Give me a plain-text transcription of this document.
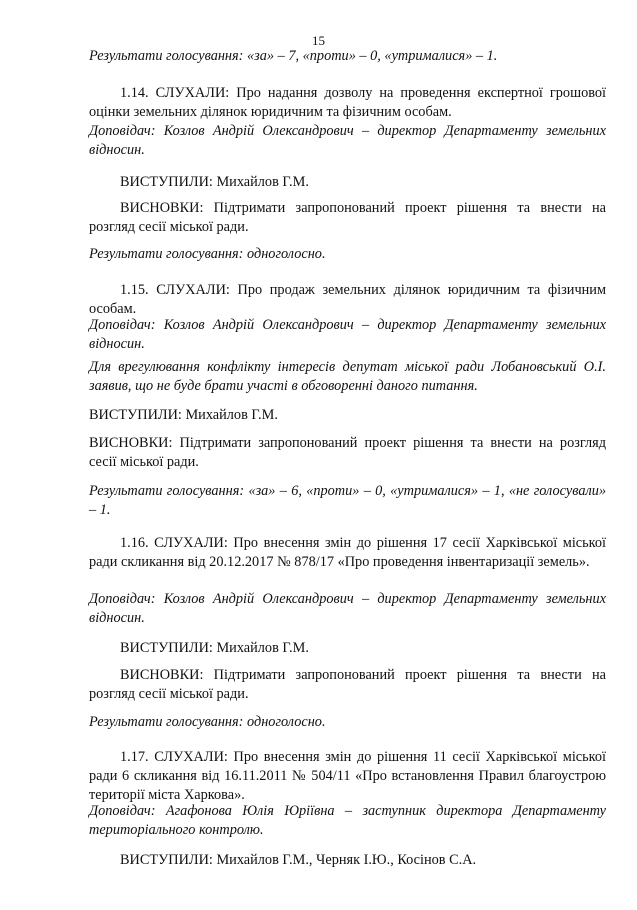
15
Результати голосування: «за» – 7, «проти» – 0, «утрималися» – 1.
1.14. СЛУХАЛИ: Про надання дозволу на проведення експертної грошової оцінки земельних ділянок юридичним та фізичним особам.
Доповідач: Козлов Андрій Олександрович – директор Департаменту земельних відносин.
ВИСТУПИЛИ: Михайлов Г.М.
ВИСНОВКИ: Підтримати запропонований проект рішення та внести на розгляд сесії міської ради.
Результати голосування: одноголосно.
1.15. СЛУХАЛИ: Про продаж земельних ділянок юридичним та фізичним особам.
Доповідач: Козлов Андрій Олександрович – директор Департаменту земельних відносин.
Для врегулювання конфлікту інтересів депутат міської ради Лобановський О.І. заявив, що не буде брати участі в обговоренні даного питання.
ВИСТУПИЛИ: Михайлов Г.М.
ВИСНОВКИ: Підтримати запропонований проект рішення та внести на розгляд сесії міської ради.
Результати голосування: «за» – 6, «проти» – 0, «утрималися» – 1, «не голосували» – 1.
1.16. СЛУХАЛИ: Про внесення змін до рішення 17 сесії Харківської міської ради скликання від 20.12.2017 № 878/17 «Про проведення інвентаризації земель».
Доповідач: Козлов Андрій Олександрович – директор Департаменту земельних відносин.
ВИСТУПИЛИ: Михайлов Г.М.
ВИСНОВКИ: Підтримати запропонований проект рішення та внести на розгляд сесії міської ради.
Результати голосування: одноголосно.
1.17. СЛУХАЛИ: Про внесення змін до рішення 11 сесії Харківської міської ради 6 скликання від 16.11.2011 № 504/11 «Про встановлення Правил благоустрою території міста Харкова».
Доповідач: Агафонова Юлія Юріївна – заступник директора Департаменту територіального контролю.
ВИСТУПИЛИ: Михайлов Г.М., Черняк І.Ю., Косінов С.А.
